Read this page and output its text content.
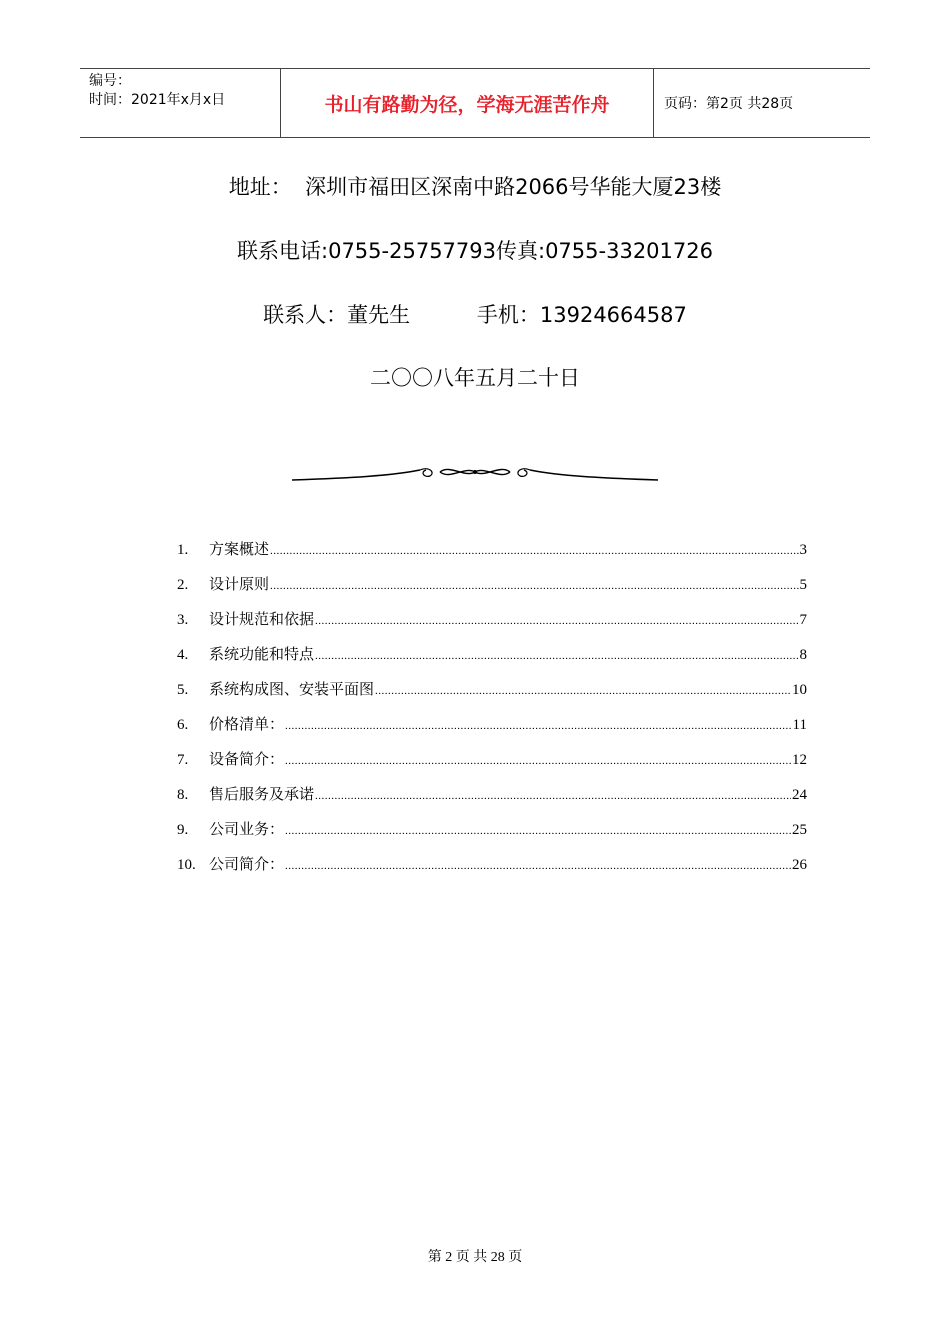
编号：
时间：2021年x月x日	书山有路勤为径，学海无涯苦作舟	页码：第2页 共28页
地址：  深圳市福田区深南中路2066号华能大厦23楼
联系电话:0755-25757793传真:0755-33201726
联系人：董先生          手机：13924664587
二〇〇八年五月二十日
1.	方案概述 .....	3
2.	设计原则 .....	5
3.	设计规范和依据 .....	7
4.	系统功能和特点 .....	8
5.	系统构成图、安装平面图 .....	10
6.	价格清单： .....	11
7.	设备简介： .....	12
8.	售后服务及承诺 .....	24
9.	公司业务： .....	25
10. 公司简介： .....	26
第 2 页 共 28 页
